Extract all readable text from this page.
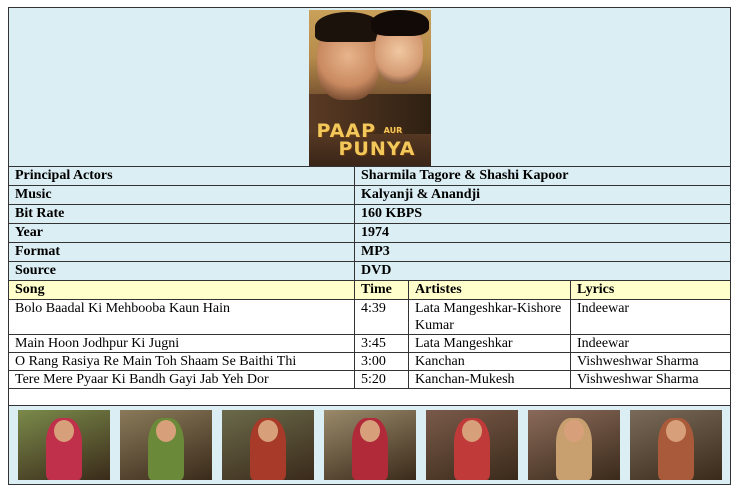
PAAP $^{AUR}$
PUNYA			

Principal Actors	Sharmila Tagore & Shashi Kapoor		
Music	Kalyanji & Anandji		
Bit Rate	160 KBPS		
Year	1974		
Format	MP3		
Source	DVD		
Song	Time	Artistes	Lyrics
Bolo Baadal Ki Mehbooba Kaun Hain	4:39	Lata Mangeshkar-Kishore Kumar	Indeewar
Main Hoon Jodhpur Ki Jugni	3:45	Lata Mangeshkar	Indeewar
O Rang Rasiya Re Main Toh Shaam Se Baithi Thi	3:00	Kanchan	Vishweshwar Sharma
Tere Mere Pyaar Ki Bandh Gayi Jab Yeh Dor	5:20	Kanchan-Mukesh	Vishweshwar Sharma
